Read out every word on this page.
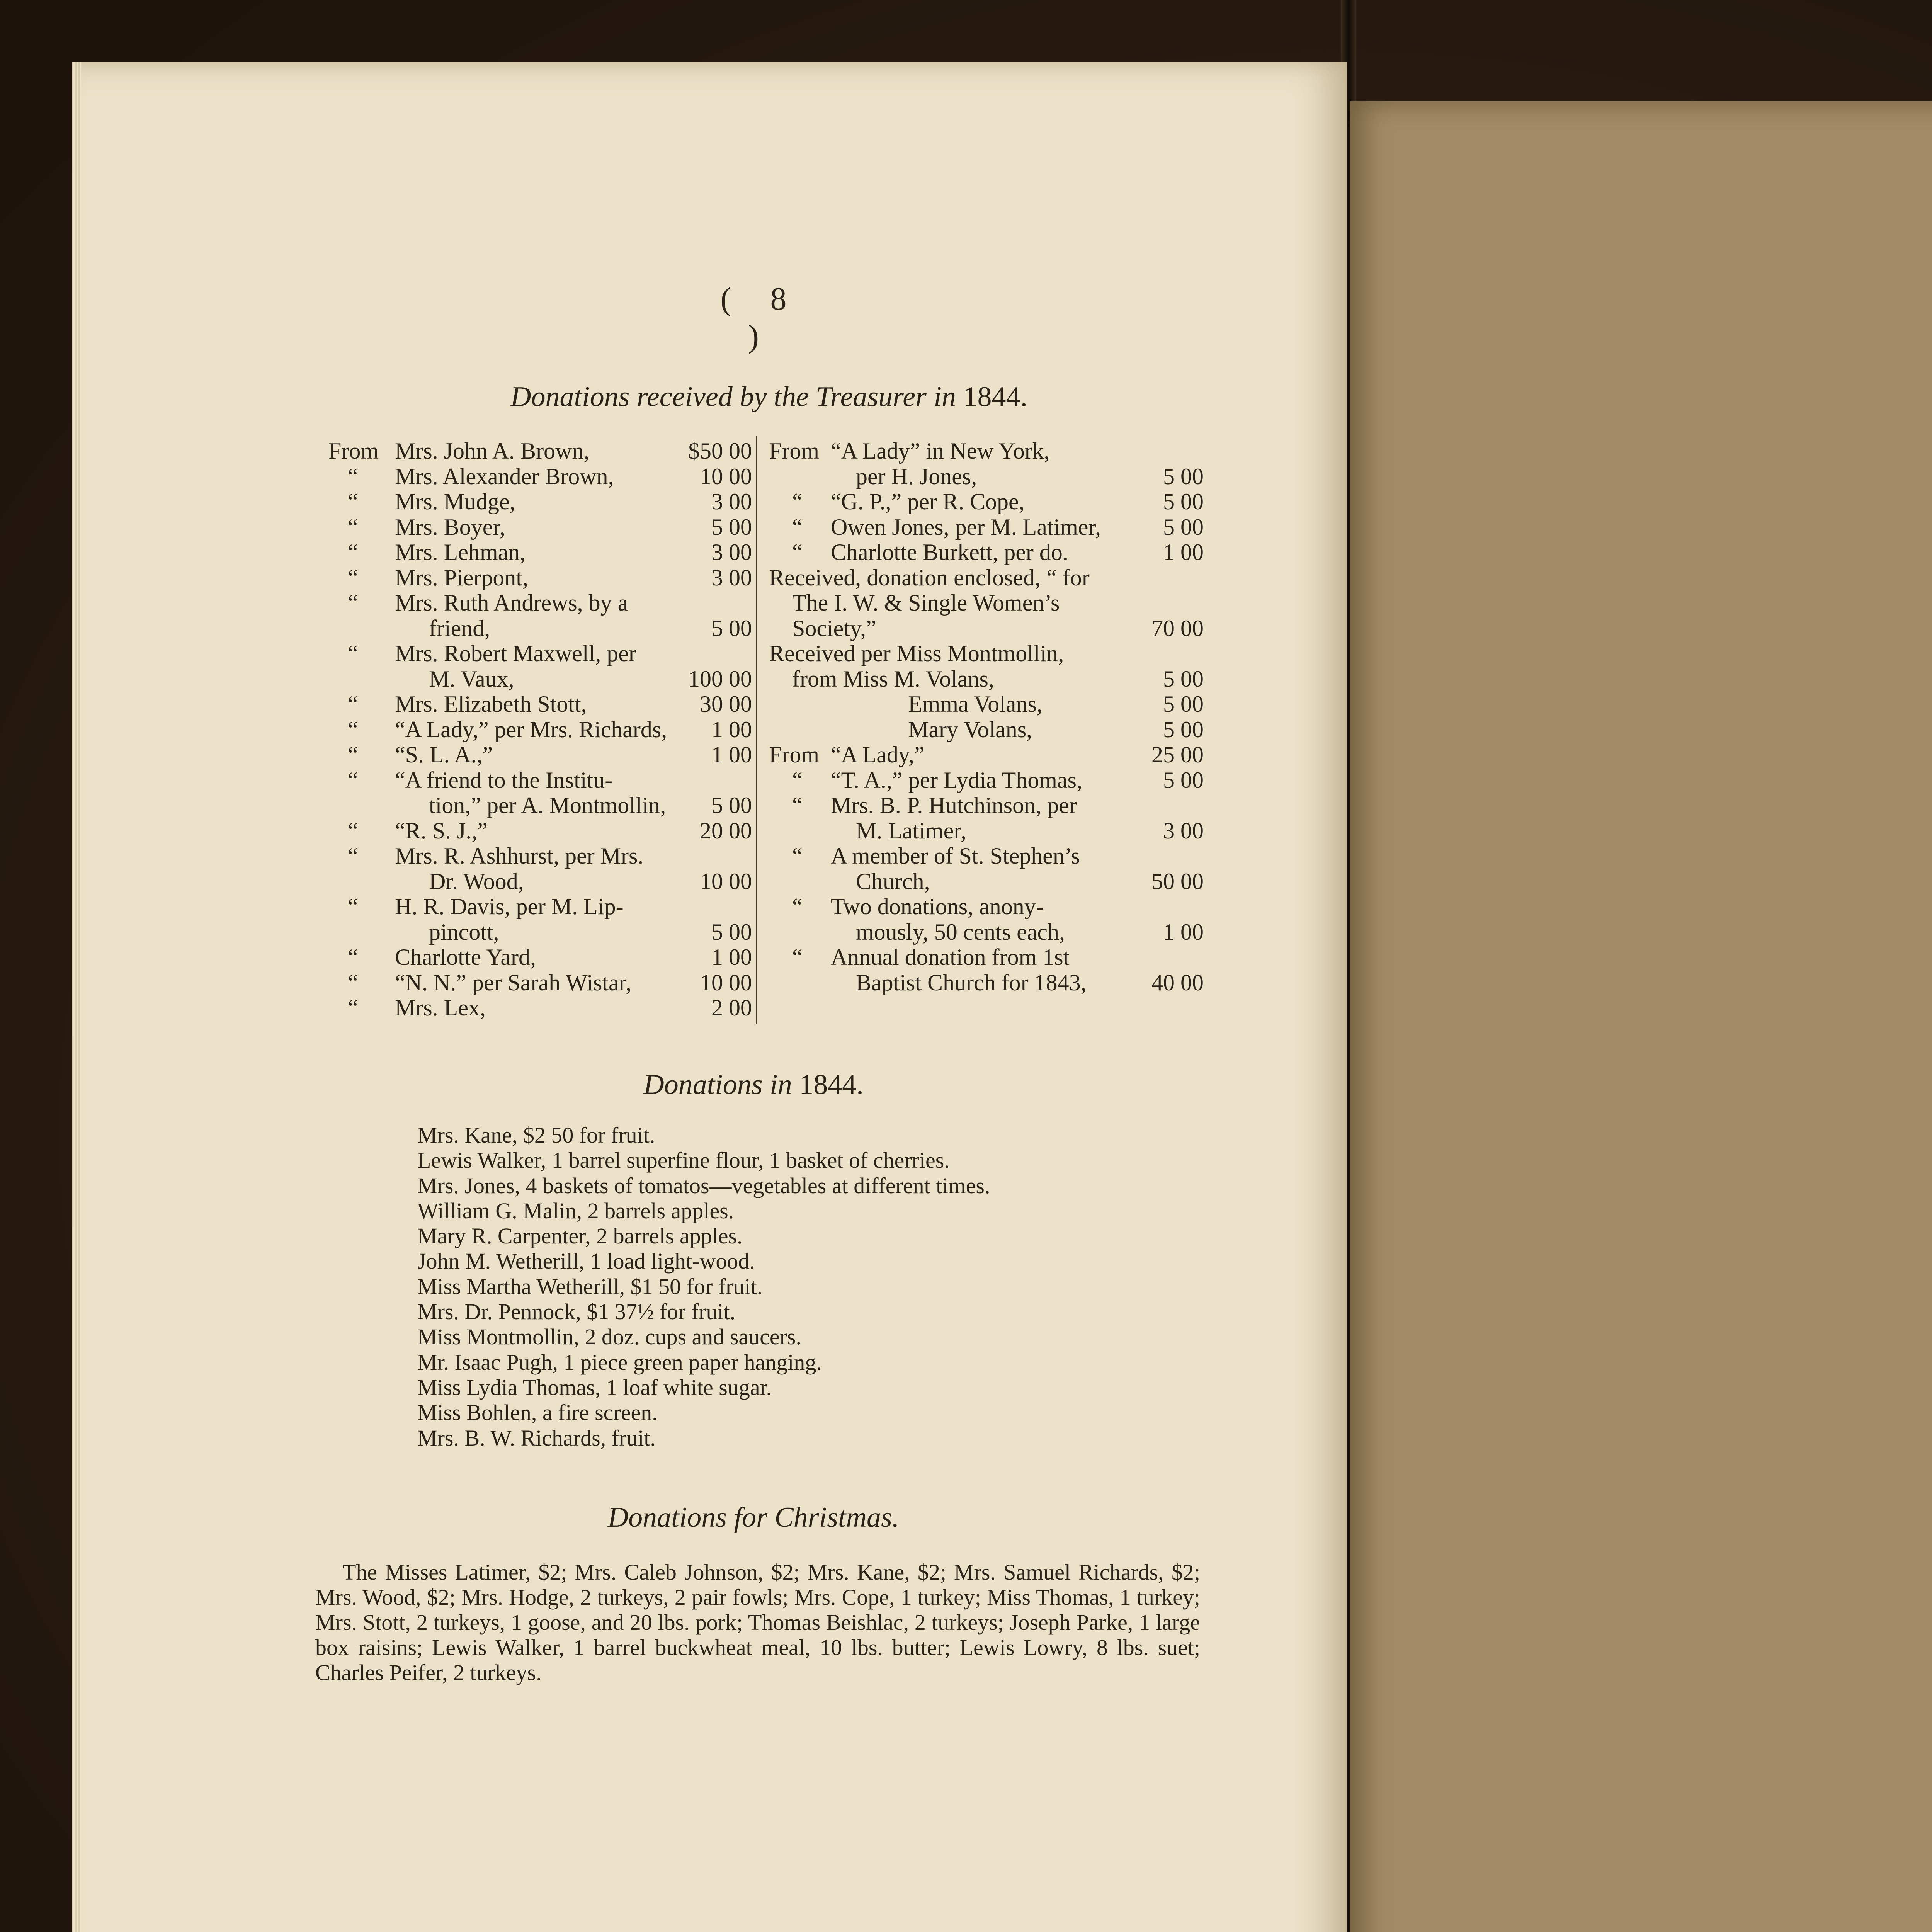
( 8 )
Donations received by the Treasurer in 1844.
From Mrs. John A. Brown,	$50 00
“ Mrs. Alexander Brown,	10 00
“ Mrs. Mudge,	3 00
“ Mrs. Boyer,	5 00
“ Mrs. Lehman,	3 00
“ Mrs. Pierpont,	3 00
“ Mrs. Ruth Andrews, by a
friend,	5 00
“ Mrs. Robert Maxwell, per
M. Vaux,	100 00
“ Mrs. Elizabeth Stott,	30 00
“ “A Lady,” per Mrs. Richards, 1 00
“ “S. L. A.,”	1 00
“ “A friend to the Institu-
tion,” per A. Montmollin, 5 00
“ “R. S. J.,”	20 00
“ Mrs. R. Ashhurst, per Mrs.
Dr. Wood,	10 00
“ H. R. Davis, per M. Lip-
pincott,	5 00
“ Charlotte Yard,	1 00
“ “N. N.” per Sarah Wistar,	10 00
“ Mrs. Lex,	2 00
From “A Lady” in New York,
per H. Jones,	5 00
“ “G. P.,” per R. Cope,	5 00
“ Owen Jones, per M. Latimer,	5 00
“ Charlotte Burkett, per do.	1 00
Received, donation enclosed, “ for
The I. W. & Single Women’s
Society,”	70 00
Received per Miss Montmollin,
from Miss M. Volans,	5 00
Emma Volans,	5 00
Mary Volans,	5 00
From “A Lady,”	25 00
“ “T. A.,” per Lydia Thomas,	5 00
“ Mrs. B. P. Hutchinson, per
M. Latimer,	3 00
“ A member of St. Stephen’s
Church,	50 00
“ Two donations, anony-
mously, 50 cents each,	1 00
“ Annual donation from 1st
Baptist Church for 1843,	40 00
Donations in 1844.
Mrs. Kane, $2 50 for fruit.
Lewis Walker, 1 barrel superfine flour, 1 basket of cherries.
Mrs. Jones, 4 baskets of tomatos—vegetables at different times.
William G. Malin, 2 barrels apples.
Mary R. Carpenter, 2 barrels apples.
John M. Wetherill, 1 load light-wood.
Miss Martha Wetherill, $1 50 for fruit.
Mrs. Dr. Pennock, $1 37½ for fruit.
Miss Montmollin, 2 doz. cups and saucers.
Mr. Isaac Pugh, 1 piece green paper hanging.
Miss Lydia Thomas, 1 loaf white sugar.
Miss Bohlen, a fire screen.
Mrs. B. W. Richards, fruit.
Donations for Christmas.
The Misses Latimer, $2; Mrs. Caleb Johnson, $2; Mrs. Kane, $2; Mrs. Samuel Richards, $2; Mrs. Wood, $2; Mrs. Hodge, 2 turkeys, 2 pair fowls; Mrs. Cope, 1 turkey; Miss Thomas, 1 turkey; Mrs. Stott, 2 turkeys, 1 goose, and 20 lbs. pork; Thomas Beishlac, 2 turkeys; Joseph Parke, 1 large box raisins; Lewis Walker, 1 barrel buckwheat meal, 10 lbs. butter; Lewis Lowry, 8 lbs. suet; Charles Peifer, 2 turkeys.
